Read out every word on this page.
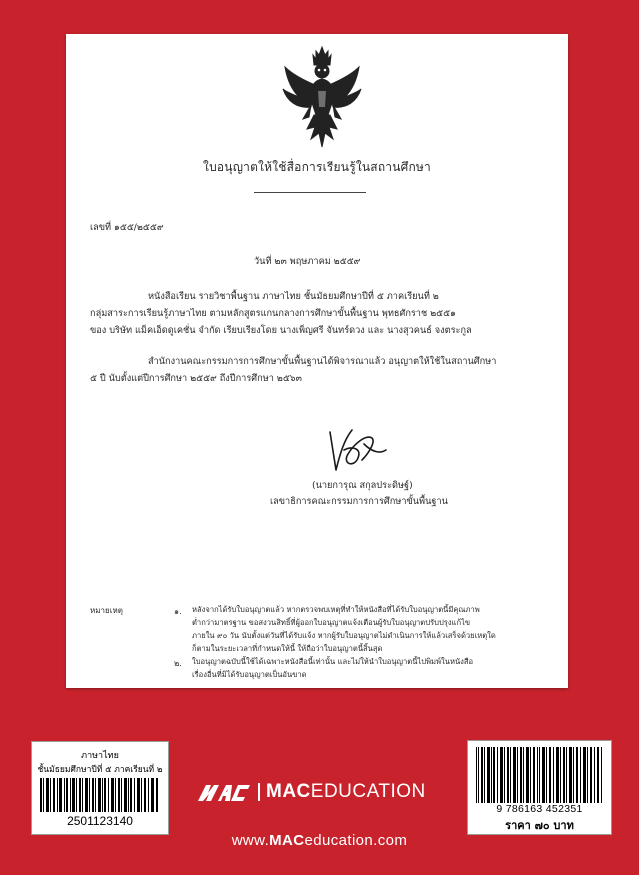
ใบอนุญาตให้ใช้สื่อการเรียนรู้ในสถานศึกษา
เลขที่ ๑๕๕/๒๕๕๙
วันที่ ๒๓ พฤษภาคม ๒๕๕๙
หนังสือเรียน รายวิชาพื้นฐาน ภาษาไทย ชั้นมัธยมศึกษาปีที่ ๕ ภาคเรียนที่ ๒
กลุ่มสาระการเรียนรู้ภาษาไทย ตามหลักสูตรแกนกลางการศึกษาขั้นพื้นฐาน พุทธศักราช ๒๕๕๑
ของ บริษัท แม็คเอ็ดดูเคชั่น จำกัด เรียบเรียงโดย นางเพ็ญศรี จันทร์ดวง และ นางสุวคนธ์ จงตระกูล
สำนักงานคณะกรรมการการศึกษาขั้นพื้นฐานได้พิจารณาแล้ว อนุญาตให้ใช้ในสถานศึกษา
๕ ปี นับตั้งแต่ปีการศึกษา ๒๕๕๙ ถึงปีการศึกษา ๒๕๖๓
(นายการุณ สกุลประดิษฐ์)
เลขาธิการคณะกรรมการการศึกษาขั้นพื้นฐาน
หมายเหตุ	๑. หลังจากได้รับใบอนุญาตแล้ว หากตรวจพบเหตุที่ทำให้หนังสือที่ได้รับใบอนุญาตนี้มีคุณภาพ
ต่ำกว่ามาตรฐาน ขอสงวนสิทธิ์ที่ผู้ออกใบอนุญาตแจ้งเตือนผู้รับใบอนุญาตปรับปรุงแก้ไข
ภายใน ๙๐ วัน นับตั้งแต่วันที่ได้รับแจ้ง หากผู้รับใบอนุญาตไม่ดำเนินการให้แล้วเสร็จด้วยเหตุใด
ก็ตามในระยะเวลาที่กำหนดให้นี้ ให้ถือว่าใบอนุญาตนี้สิ้นสุด
๒. ใบอนุญาตฉบับนี้ใช้ได้เฉพาะหนังสือนี้เท่านั้น และไม่ให้นำใบอนุญาตนี้ไปพิมพ์ในหนังสือ
เรื่องอื่นที่มิได้รับอนุญาตเป็นอันขาด
ภาษาไทย
ชั้นมัธยมศึกษาปีที่ ๕ ภาคเรียนที่ ๒
2501123140
9 786163 452351
ราคา ๗๐ บาท
MACEDUCATION
www.MACeducation.com
